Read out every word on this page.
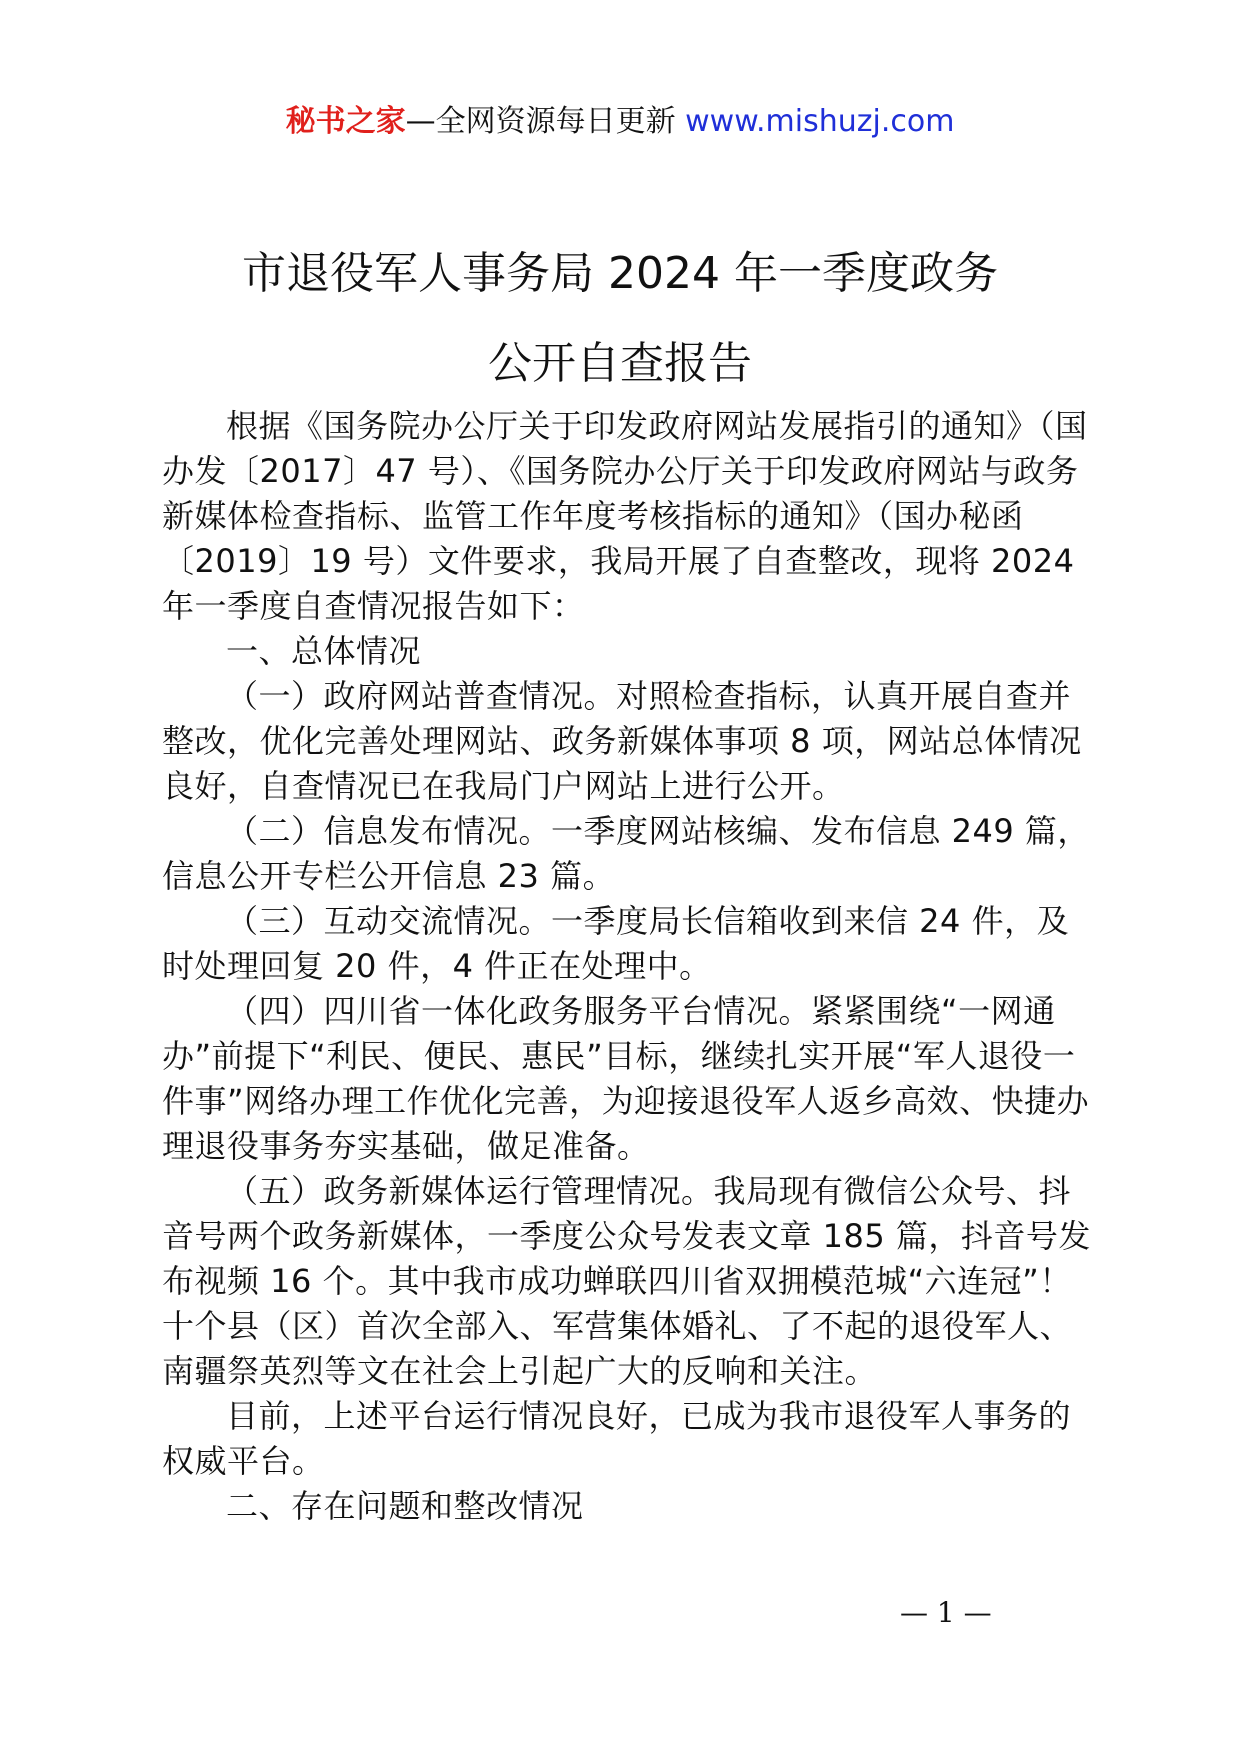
秘书之家—全网资源每日更新 www.mishuzj.com
市退役军人事务局 2024 年一季度政务
公开自查报告

根据《国务院办公厅关于印发政府网站发展指引的通知》（国办发〔2017〕47 号）、《国务院办公厅关于印发政府网站与政务新媒体检查指标、监管工作年度考核指标的通知》（国办秘函〔2019〕19 号）文件要求，我局开展了自查整改，现将 2024 年一季度自查情况报告如下：

一、总体情况

（一）政府网站普查情况。对照检查指标，认真开展自查并整改，优化完善处理网站、政务新媒体事项 8 项，网站总体情况良好，自查情况已在我局门户网站上进行公开。

（二）信息发布情况。一季度网站核编、发布信息 249 篇，信息公开专栏公开信息 23 篇。

（三）互动交流情况。一季度局长信箱收到来信 24 件，及时处理回复 20 件，4 件正在处理中。

（四）四川省一体化政务服务平台情况。紧紧围绕“一网通办”前提下“利民、便民、惠民”目标，继续扎实开展“军人退役一件事”网络办理工作优化完善，为迎接退役军人返乡高效、快捷办理退役事务夯实基础，做足准备。

（五）政务新媒体运行管理情况。我局现有微信公众号、抖音号两个政务新媒体，一季度公众号发表文章 185 篇，抖音号发布视频 16 个。其中我市成功蝉联四川省双拥模范城“六连冠”！十个县（区）首次全部入、军营集体婚礼、了不起的退役军人、南疆祭英烈等文在社会上引起广大的反响和关注。

目前，上述平台运行情况良好，已成为我市退役军人事务的权威平台。

二、存在问题和整改情况

— 1 —
